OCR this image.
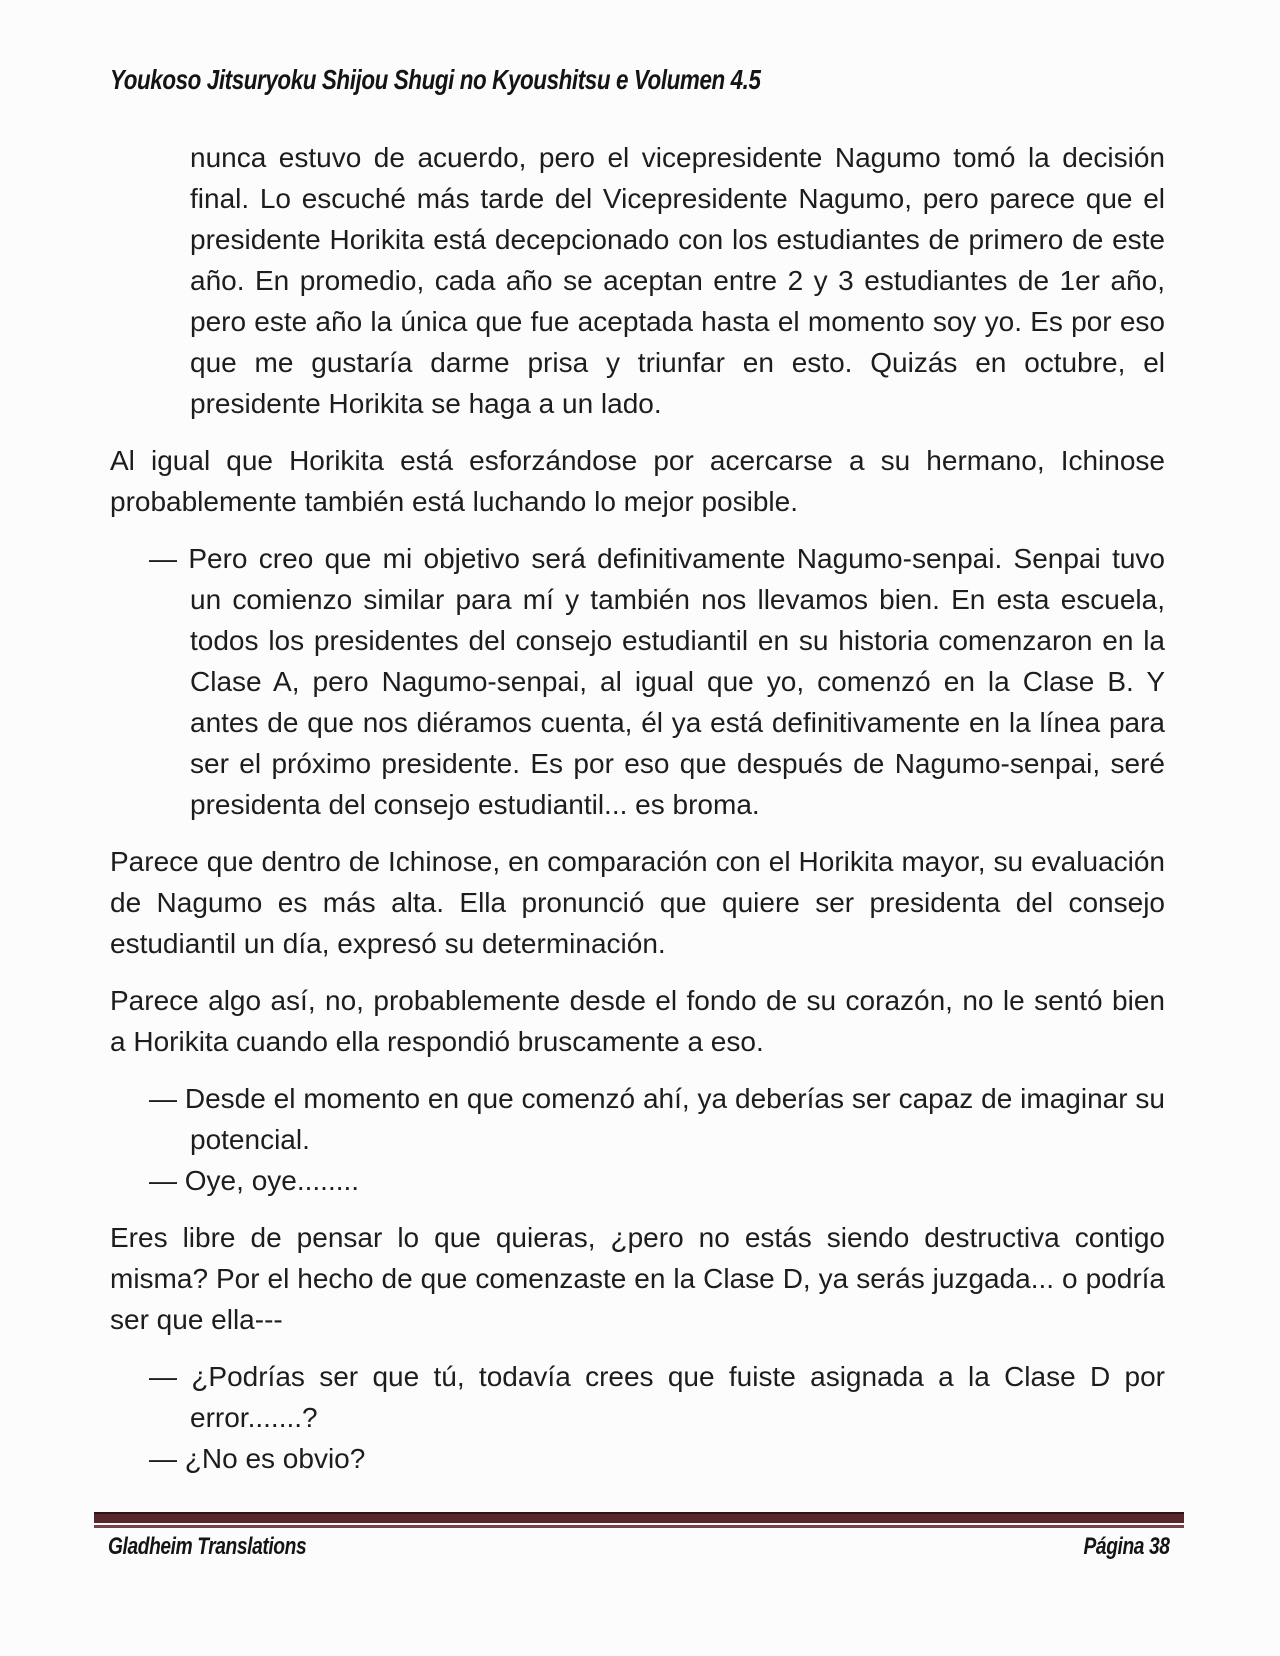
Youkoso Jitsuryoku Shijou Shugi no Kyoushitsu e Volumen 4.5

nunca estuvo de acuerdo, pero el vicepresidente Nagumo tomó la decisión final. Lo escuché más tarde del Vicepresidente Nagumo, pero parece que el presidente Horikita está decepcionado con los estudiantes de primero de este año. En promedio, cada año se aceptan entre 2 y 3 estudiantes de 1er año, pero este año la única que fue aceptada hasta el momento soy yo. Es por eso que me gustaría darme prisa y triunfar en esto. Quizás en octubre, el presidente Horikita se haga a un lado.

Al igual que Horikita está esforzándose por acercarse a su hermano, Ichinose probablemente también está luchando lo mejor posible.

— Pero creo que mi objetivo será definitivamente Nagumo-senpai. Senpai tuvo un comienzo similar para mí y también nos llevamos bien. En esta escuela, todos los presidentes del consejo estudiantil en su historia comenzaron en la Clase A, pero Nagumo-senpai, al igual que yo, comenzó en la Clase B. Y antes de que nos diéramos cuenta, él ya está definitivamente en la línea para ser el próximo presidente. Es por eso que después de Nagumo-senpai, seré presidenta del consejo estudiantil... es broma.

Parece que dentro de Ichinose, en comparación con el Horikita mayor, su evaluación de Nagumo es más alta. Ella pronunció que quiere ser presidenta del consejo estudiantil un día, expresó su determinación.

Parece algo así, no, probablemente desde el fondo de su corazón, no le sentó bien a Horikita cuando ella respondió bruscamente a eso.

— Desde el momento en que comenzó ahí, ya deberías ser capaz de imaginar su potencial.

— Oye, oye........

Eres libre de pensar lo que quieras, ¿pero no estás siendo destructiva contigo misma? Por el hecho de que comenzaste en la Clase D, ya serás juzgada... o podría ser que ella---

— ¿Podrías ser que tú, todavía crees que fuiste asignada a la Clase D por error.......?

— ¿No es obvio?

Gladheim Translations	Página 38
